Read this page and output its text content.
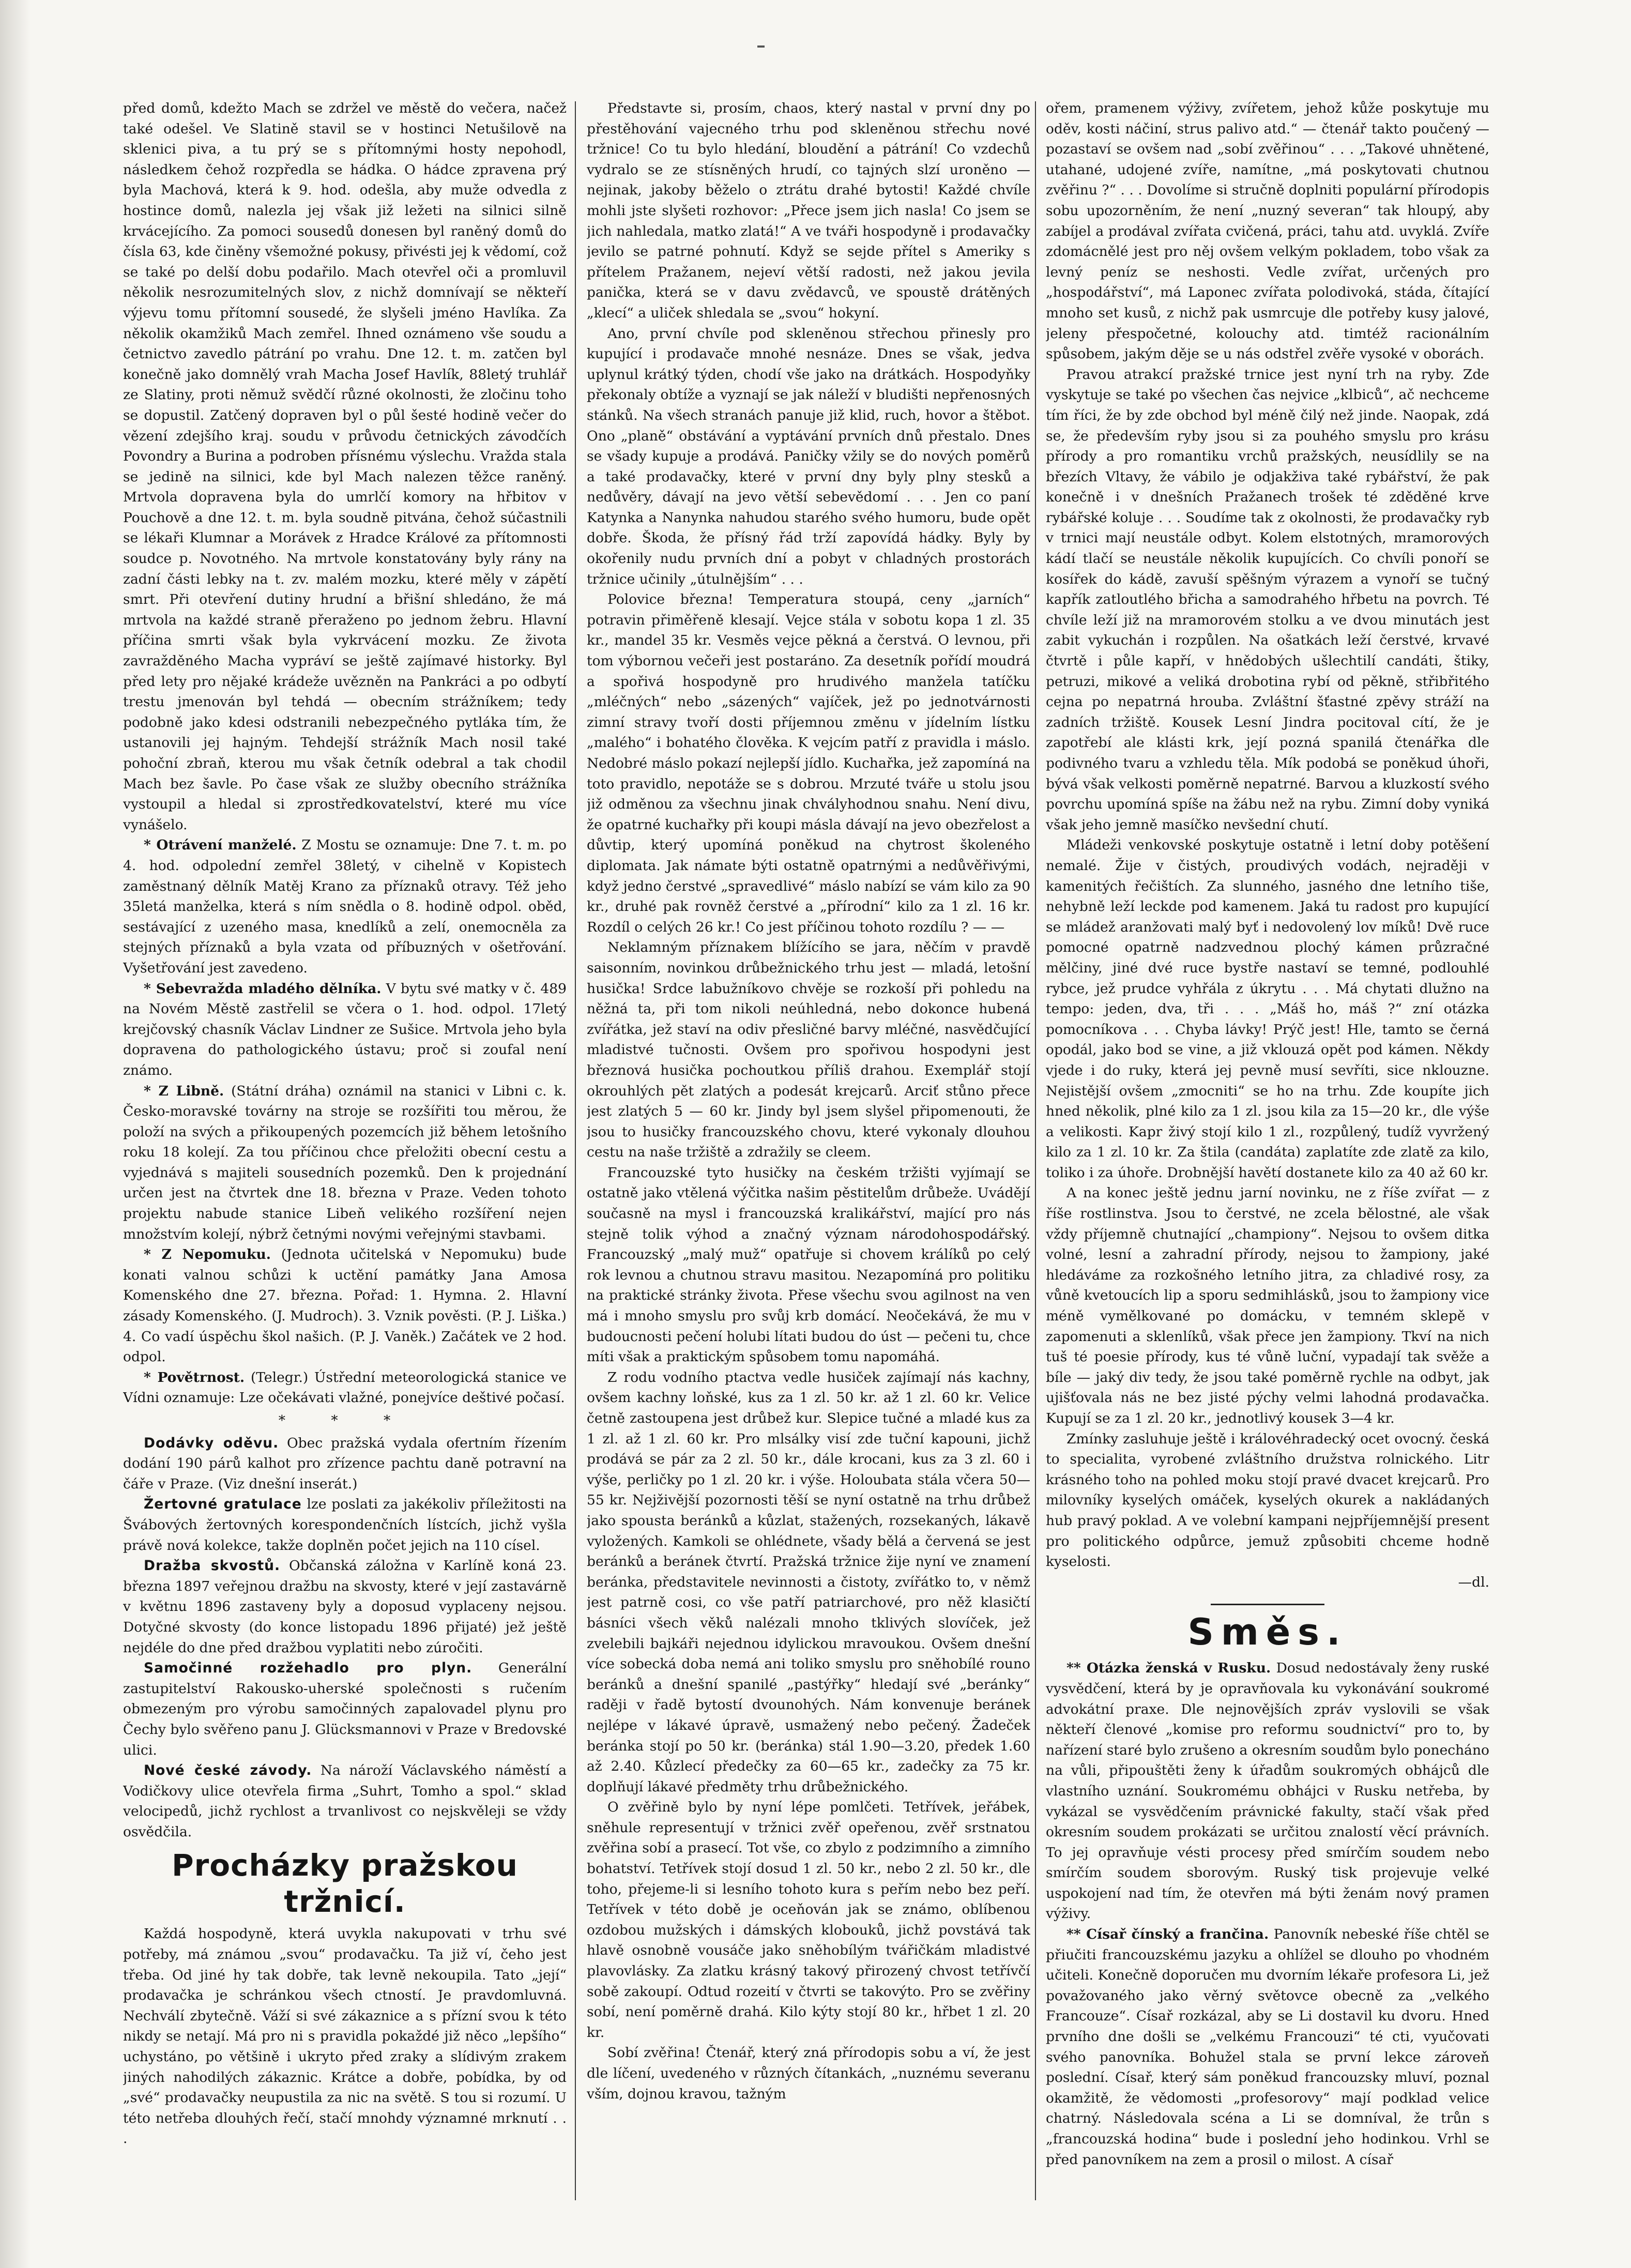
před domů, kdežto Mach se zdržel ve městě do večera, načež také odešel. Ve Slatině stavil se v hostinci Netušilově na sklenici piva, a tu prý se s přítomnými hosty nepohodl, následkem čehož rozpředla se hádka. O hádce zpravena prý byla Machová, která k 9. hod. odešla, aby muže odvedla z hostince domů, nalezla jej však již ležeti na silnici silně krvácejícího. Za pomoci sousedů donesen byl raněný domů do čísla 63, kde činěny všemožné pokusy, přivésti jej k vědomí, což se také po delší dobu podařilo. Mach otevřel oči a promluvil několik nesrozumitelných slov, z nichž domnívají se někteří výjevu tomu přítomní sousedé, že slyšeli jméno Havlíka. Za několik okamžiků Mach zemřel. Ihned oznámeno vše soudu a četnictvo zavedlo pátrání po vrahu. Dne 12. t. m. zatčen byl konečně jako domnělý vrah Macha Josef Havlík, 88letý truhlář ze Slatiny, proti němuž svědčí různé okolnosti, že zločinu toho se dopustil. Zatčený dopraven byl o půl šesté hodině večer do vězení zdejšího kraj. soudu v průvodu četnických závodčích Povondry a Burina a podroben přísnému výslechu. Vražda stala se jedině na silnici, kde byl Mach nalezen těžce raněný. Mrtvola dopravena byla do umrlčí komory na hřbitov v Pouchově a dne 12. t. m. byla soudně pitvána, čehož súčastnili se lékaři Klumnar a Morávek z Hradce Králové za přítomnosti soudce p. Novotného. Na mrtvole konstatovány byly rány na zadní části lebky na t. zv. malém mozku, které měly v zápětí smrt. Při otevření dutiny hrudní a břišní shledáno, že má mrtvola na každé straně přeraženo po jednom žebru. Hlavní příčina smrti však byla vykrvácení mozku. Ze života zavražděného Macha vypráví se ještě zajímavé historky. Byl před lety pro nějaké krádeže uvězněn na Pankráci a po odbytí trestu jmenován byl tehdá — obecním strážníkem; tedy podobně jako kdesi odstranili nebezpečného pytláka tím, že ustanovili jej hajným. Tehdejší strážník Mach nosil také pohoční zbraň, kterou mu však četník odebral a tak chodil Mach bez šavle. Po čase však ze služby obecního strážníka vystoupil a hledal si zprostředkovatelství, které mu více vynášelo.

* Otrávení manželé. Z Mostu se oznamuje: Dne 7. t. m. po 4. hod. odpolední zemřel 38letý, v cihelně v Kopistech zaměstnaný dělník Matěj Krano za příznaků otravy. Též jeho 35letá manželka, která s ním snědla o 8. hodině odpol. oběd, sestávající z uzeného masa, knedlíků a zelí, onemocněla za stejných příznaků a byla vzata od příbuzných v ošetřování. Vyšetřování jest zavedeno.

* Sebevražda mladého dělníka. V bytu své matky v č. 489 na Novém Městě zastřelil se včera o 1. hod. odpol. 17letý krejčovský chasník Václav Lindner ze Sušice. Mrtvola jeho byla dopravena do pathologického ústavu; proč si zoufal není známo.

* Z Libně. (Státní dráha) oznámil na stanici v Libni c. k. Česko-moravské továrny na stroje se rozšířiti tou měrou, že položí na svých a přikoupených pozemcích již během letošního roku 18 kolejí. Za tou příčinou chce přeložiti obecní cestu a vyjednává s majiteli sousedních pozemků. Den k projednání určen jest na čtvrtek dne 18. března v Praze. Veden tohoto projektu nabude stanice Libeň velikého rozšíření nejen množstvím kolejí, nýbrž četnými novými veřejnými stavbami.

* Z Nepomuku. (Jednota učitelská v Nepomuku) bude konati valnou schůzi k uctění památky Jana Amosa Komenského dne 27. března. Pořad: 1. Hymna. 2. Hlavní zásady Komenského. (J. Mudroch). 3. Vznik pověsti. (P. J. Liška.) 4. Co vadí úspěchu škol našich. (P. J. Vaněk.) Začátek ve 2 hod. odpol.

* Povětrnost. (Telegr.) Ústřední meteorologická stanice ve Vídni oznamuje: Lze očekávati vlažné, ponejvíce deštivé počasí.

* * *

Dodávky oděvu. Obec pražská vydala ofertním řízením dodání 190 párů kalhot pro zřízence pachtu daně potravní na čáře v Praze. (Viz dnešní inserát.)

Žertovné gratulace lze poslati za jakékoliv příležitosti na Švábových žertovných korespondenčních lístcích, jichž vyšla právě nová kolekce, takže doplněn počet jejich na 110 císel.

Dražba skvostů. Občanská záložna v Karlíně koná 23. března 1897 veřejnou dražbu na skvosty, které v její zastavárně v květnu 1896 zastaveny byly a doposud vyplaceny nejsou. Dotyčné skvosty (do konce listopadu 1896 přijaté) jež ještě nejdéle do dne před dražbou vyplatiti nebo zúročiti.

Samočinné rozžehadlo pro plyn. Generální zastupitelství Rakousko-uherské společnosti s ručením obmezeným pro výrobu samočinných zapalovadel plynu pro Čechy bylo svěřeno panu J. Glücksmannovi v Praze v Bredovské ulici.

Nové české závody. Na nároží Václavského náměstí a Vodičkovy ulice otevřela firma „Suhrt, Tomho a spol.“ sklad velocipedů, jichž rychlost a trvanlivost co nejskvěleji se vždy osvědčila.

Procházky pražskou tržnicí.

Každá hospodyně, která uvykla nakupovati v trhu své potřeby, má známou „svou“ prodavačku. Ta již ví, čeho jest třeba. Od jiné hy tak dobře, tak levně nekoupila. Tato „její“ prodavačka je schránkou všech ctností. Je pravdomluvná. Nechválí zbytečně. Váží si své zákaznice a s přízní svou k této nikdy se netají. Má pro ni s pravidla pokaždé již něco „lepšího“ uchystáno, po většině i ukryto před zraky a slídivým zrakem jiných nahodilých zákaznic. Krátce a dobře, pobídka, by od „své“ prodavačky neupustila za nic na světě. S tou si rozumí. U této netřeba dlouhých řečí, stačí mnohdy významné mrknutí . . .

Představte si, prosím, chaos, který nastal v první dny po přestěhování vajecného trhu pod skleněnou střechu nové tržnice! Co tu bylo hledání, bloudění a pátrání! Co vzdechů vydralo se ze stísněných hrudí, co tajných slzí uroněno — nejinak, jakoby běželo o ztrátu drahé bytosti! Každé chvíle mohli jste slyšeti rozhovor: „Přece jsem jich nasla! Co jsem se jich nahledala, matko zlatá!“ A ve tváři hospodyně i prodavačky jevilo se patrné pohnutí. Když se sejde přítel s Ameriky s přítelem Pražanem, nejeví větší radosti, než jakou jevila panička, která se v davu zvědavců, ve spoustě drátěných „klecí“ a uliček shledala se „svou“ hokyní.

Ano, první chvíle pod skleněnou střechou přinesly pro kupující i prodavače mnohé nesnáze. Dnes se však, jedva uplynul krátký týden, chodí vše jako na drátkách. Hospodyňky překonaly obtíže a vyznají se jak náleží v bludišti nepřenosných stánků. Na všech stranách panuje již klid, ruch, hovor a štěbot. Ono „planě“ obstávání a vyptávání prvních dnů přestalo. Dnes se všady kupuje a prodává. Paničky vžily se do nových poměrů a také prodavačky, které v první dny byly plny stesků a nedůvěry, dávají na jevo větší sebevědomí . . . Jen co paní Katynka a Nanynka nahudou starého svého humoru, bude opět dobře. Škoda, že přísný řád trží zapovídá hádky. Byly by okořenily nudu prvních dní a pobyt v chladných prostorách tržnice učinily „útulnějším“ . . .

Polovice března! Temperatura stoupá, ceny „jarních“ potravin přiměřeně klesají. Vejce stála v sobotu kopa 1 zl. 35 kr., mandel 35 kr. Vesměs vejce pěkná a čerstvá. O levnou, při tom výbornou večeři jest postaráno. Za desetník pořídí moudrá a spořivá hospodyně pro hrudivého manžela tatíčku „mléčných“ nebo „sázených“ vajíček, jež po jednotvárnosti zimní stravy tvoří dosti příjemnou změnu v jídelním lístku „malého“ i bohatého člověka. K vejcím patří z pravidla i máslo. Nedobré máslo pokazí nejlepší jídlo. Kuchařka, jež zapomíná na toto pravidlo, nepotáže se s dobrou. Mrzuté tváře u stolu jsou již odměnou za všechnu jinak chvályhodnou snahu. Není divu, že opatrné kuchařky při koupi másla dávají na jevo obezřelost a důvtip, který upomíná poněkud na chytrost školeného diplomata. Jak námate býti ostatně opatrnými a nedůvěřivými, když jedno čerstvé „spravedlivé“ máslo nabízí se vám kilo za 90 kr., druhé pak rovněž čerstvé a „přírodní“ kilo za 1 zl. 16 kr. Rozdíl o celých 26 kr.! Co jest příčinou tohoto rozdílu ? — —

Neklamným příznakem blížícího se jara, něčím v pravdě saisonním, novinkou drůbežnického trhu jest — mladá, letošní husička! Srdce labužníkovo chvěje se rozkoší při pohledu na něžná ta, při tom nikoli neúhledná, nebo dokonce hubená zvířátka, jež staví na odiv přesličné barvy mléčné, nasvědčující mladistvé tučnosti. Ovšem pro spořivou hospodyni jest březnová husička pochoutkou příliš drahou. Exemplář stojí okrouhlých pět zlatých a podesát krejcarů. Arciť stůno přece jest zlatých 5 — 60 kr. Jindy byl jsem slyšel připomenouti, že jsou to husičky francouzského chovu, které vykonaly dlouhou cestu na naše tržiště a zdražily se cleem.

Francouzské tyto husičky na českém tržišti vyjímají se ostatně jako vtělená výčitka našim pěstitelům drůbeže. Uvádějí současně na mysl i francouzská kralikářství, mající pro nás stejně tolik výhod a značný význam národohospodářský. Francouzský „malý muž“ opatřuje si chovem králíků po celý rok levnou a chutnou stravu masitou. Nezapomíná pro politiku na praktické stránky života. Přese všechu svou agilnost na ven má i mnoho smyslu pro svůj krb domácí. Neočekává, že mu v budoucnosti pečení holubi lítati budou do úst — pečeni tu, chce míti však a praktickým spůsobem tomu napomáhá.

Z rodu vodního ptactva vedle husiček zajímají nás kachny, ovšem kachny loňské, kus za 1 zl. 50 kr. až 1 zl. 60 kr. Velice četně zastoupena jest drůbež kur. Slepice tučné a mladé kus za 1 zl. až 1 zl. 60 kr. Pro mlsálky visí zde tuční kapouni, jichž prodává se pár za 2 zl. 50 kr., dále krocani, kus za 3 zl. 60 i výše, perličky po 1 zl. 20 kr. i výše. Holoubata stála včera 50—55 kr. Nejživější pozornosti těší se nyní ostatně na trhu drůbež jako spousta beránků a kůzlat, stažených, rozsekaných, lákavě vyložených. Kamkoli se ohlédnete, všady bělá a červená se jest beránků a beránek čtvrtí. Pražská tržnice žije nyní ve znamení beránka, představitele nevinnosti a čistoty, zvířátko to, v němž jest patrně cosi, co vše patří patriarchové, pro něž klasičtí básníci všech věků nalézali mnoho tklivých slovíček, jež zvelebili bajkáři nejednou idylickou mravoukou. Ovšem dnešní více sobecká doba nemá ani toliko smyslu pro sněhobílé rouno beránků a dnešní spanilé „pastýřky“ hledají své „beránky“ raději v řadě bytostí dvounohých. Nám konvenuje beránek nejlépe v lákavé úpravě, usmažený nebo pečený. Žadeček beránka stojí po 50 kr. (beránka) stál 1.90—3.20, předek 1.60 až 2.40. Kůzlecí předečky za 60—65 kr., zadečky za 75 kr. doplňují lákavé předměty trhu drůbežnického.

O zvěřině bylo by nyní lépe pomlčeti. Tetřívek, jeřábek, sněhule representují v tržnici zvěř opeřenou, zvěř srstnatou zvěřina sobí a prasecí. Tot vše, co zbylo z podzimního a zimního bohatství. Tetřívek stojí dosud 1 zl. 50 kr., nebo 2 zl. 50 kr., dle toho, přejeme-li si lesního tohoto kura s peřím nebo bez peří. Tetřívek v této době je oceňován jak se známo, oblíbenou ozdobou mužských i dámských klobouků, jichž povstává tak hlavě osnobně vousáče jako sněhobílým tvářičkám mladistvé plavovlásky. Za zlatku krásný takový přirozený chvost tetřívčí sobě zakoupí. Odtud rozeití v čtvrti se takovýto. Pro se zvěřiny sobí, není poměrně drahá. Kilo kýty stojí 80 kr., hřbet 1 zl. 20 kr.

Sobí zvěřina! Čtenář, který zná přírodopis sobu a ví, že jest dle líčení, uvedeného v různých čítankách, „nuznému severanu vším, dojnou kravou, tažným

ořem, pramenem výživy, zvířetem, jehož kůže poskytuje mu oděv, kosti náčiní, strus palivo atd.“ — čtenář takto poučený — pozastaví se ovšem nad „sobí zvěřinou“ . . . „Takové uhnětené, utahané, udojené zvíře, namítne, „má poskytovati chutnou zvěřinu ?“ . . . Dovolíme si stručně doplniti populární přírodopis sobu upozorněním, že není „nuzný severan“ tak hloupý, aby zabíjel a prodával zvířata cvičená, práci, tahu atd. uvyklá. Zvíře zdomácnělé jest pro něj ovšem velkým pokladem, tobo však za levný peníz se neshosti. Vedle zvířat, určených pro „hospodářství“, má Laponec zvířata polodivoká, stáda, čítající mnoho set kusů, z nichž pak usmrcuje dle potřeby kusy jalové, jeleny přespočetné, kolouchy atd. timtéž racionálním spůsobem, jakým děje se u nás odstřel zvěře vysoké v oborách.

Pravou atrakcí pražské trnice jest nyní trh na ryby. Zde vyskytuje se také po všechen čas nejvice „klbiců“, ač nechceme tím říci, že by zde obchod byl méně čilý než jinde. Naopak, zdá se, že především ryby jsou si za pouhého smyslu pro krásu přírody a pro romantiku vrchů pražských, neusídlily se na březích Vltavy, že vábilo je odjakživa také rybářství, že pak konečně i v dnešních Pražanech trošek té zděděné krve rybářské koluje . . . Soudíme tak z okolnosti, že prodavačky ryb v trnici mají neustále odbyt. Kolem elstotných, mramorových kádí tlačí se neustále několik kupujících. Co chvíli ponoří se kosířek do kádě, zavuší spěšným výrazem a vynoří se tučný kapřík zatloutlého břicha a samodrahého hřbetu na povrch. Té chvíle leží již na mramorovém stolku a ve dvou minutách jest zabit vykuchán i rozpůlen. Na ošatkách leží čerstvé, krvavé čtvrtě i půle kapří, v hnědobých ušlechtilí candáti, štiky, petruzi, mikové a veliká drobotina rybí od pěkně, střibřitého cejna po nepatrná hrouba. Zvláštní šťastné zpěvy stráží na zadních tržiště. Kousek Lesní Jindra pocitoval cítí, že je zapotřebí ale klásti krk, její pozná spanilá čtenářka dle podivného tvaru a vzhledu těla. Mík podobá se poněkud úhoři, bývá však velkosti poměrně nepatrné. Barvou a kluzkostí svého povrchu upomíná spíše na žábu než na rybu. Zimní doby vyniká však jeho jemně masíčko nevšední chutí.

Mládeži venkovské poskytuje ostatně i letní doby potěšení nemalé. Žije v čistých, proudivých vodách, nejraději v kamenitých řečištích. Za slunného, jasného dne letního tiše, nehybně leží leckde pod kamenem. Jaká tu radost pro kupující se mládež aranžovati malý byť i nedovolený lov míků! Dvě ruce pomocné opatrně nadzvednou plochý kámen průzračné mělčiny, jiné dvé ruce bystře nastaví se temné, podlouhlé rybce, jež prudce vyhřála z úkrytu . . . Má chytati dlužno na tempo: jeden, dva, tři . . . „Máš ho, máš ?“ zní otázka pomocníkova . . . Chyba lávky! Prýč jest! Hle, tamto se černá opodál, jako bod se vine, a již vklouzá opět pod kámen. Někdy vjede i do ruky, která jej pevně musí sevříti, sice nklouzne. Nejistější ovšem „zmocniti“ se ho na trhu. Zde koupíte jich hned několik, plné kilo za 1 zl. jsou kila za 15—20 kr., dle výše a velikosti. Kapr živý stojí kilo 1 zl., rozpůlený, tudíž vyvržený kilo za 1 zl. 10 kr. Za štila (candáta) zaplatíte zde zlatě za kilo, toliko i za úhoře. Drobnější havětí dostanete kilo za 40 až 60 kr.

A na konec ještě jednu jarní novinku, ne z říše zvířat — z říše rostlinstva. Jsou to čerstvé, ne zcela bělostné, ale však vždy příjemně chutnající „championy“. Nejsou to ovšem ditka volné, lesní a zahradní přírody, nejsou to žampiony, jaké hledáváme za rozkošného letního jitra, za chladivé rosy, za vůně kvetoucích lip a sporu sedmihlásků, jsou to žampiony vice méně vymělkované po domácku, v temném sklepě v zapomenuti a sklenlíků, však přece jen žampiony. Tkví na nich tuš té poesie přírody, kus té vůně luční, vypadají tak svěže a bíle — jaký div tedy, že jsou také poměrně rychle na odbyt, jak ujišťovala nás ne bez jisté pýchy velmi lahodná prodavačka. Kupují se za 1 zl. 20 kr., jednotlivý kousek 3—4 kr.

Zmínky zasluhuje ještě i královéhradecký ocet ovocný. česká to specialita, vyrobené zvláštního družstva rolnického. Litr krásného toho na pohled moku stojí pravé dvacet krejcarů. Pro milovníky kyselých omáček, kyselých okurek a nakládaných hub pravý poklad. A ve volební kampani nejpříjemnější present pro politického odpůrce, jemuž způsobiti chceme hodně kyselosti.

—dl.

Směs.

** Otázka ženská v Rusku. Dosud nedostávaly ženy ruské vysvědčení, která by je opravňovala ku vykonávání soukromé advokátní praxe. Dle nejnovějších zpráv vyslovili se však někteří členové „komise pro reformu soudnictví“ pro to, by nařízení staré bylo zrušeno a okresním soudům bylo ponecháno na vůli, připouštěti ženy k úřadům soukromých obhájců dle vlastního uznání. Soukromému obhájci v Rusku netřeba, by vykázal se vysvědčením právnické fakulty, stačí však před okresním soudem prokázati se určitou znalostí věcí právních. To jej opravňuje vésti procesy před smírčím soudem nebo smírčím soudem sborovým. Ruský tisk projevuje velké uspokojení nad tím, že otevřen má býti ženám nový pramen výživy.

** Císař čínský a frančina. Panovník nebeské říše chtěl se přiučiti francouzskému jazyku a ohlížel se dlouho po vhodném učiteli. Konečně doporučen mu dvorním lékaře profesora Li, jež považovaného jako věrný světovce obecně za „velkého Francouze“. Císař rozkázal, aby se Li dostavil ku dvoru. Hned prvního dne došli se „velkému Francouzi“ té cti, vyučovati svého panovníka. Bohužel stala se první lekce zároveň poslední. Císař, který sám poněkud francouzsky mluví, poznal okamžitě, že vědomosti „profesorovy“ mají podklad velice chatrný. Následovala scéna a Li se domníval, že trůn s „francouzská hodina“ bude i poslední jeho hodinkou. Vrhl se před panovníkem na zem a prosil o milost. A císař
